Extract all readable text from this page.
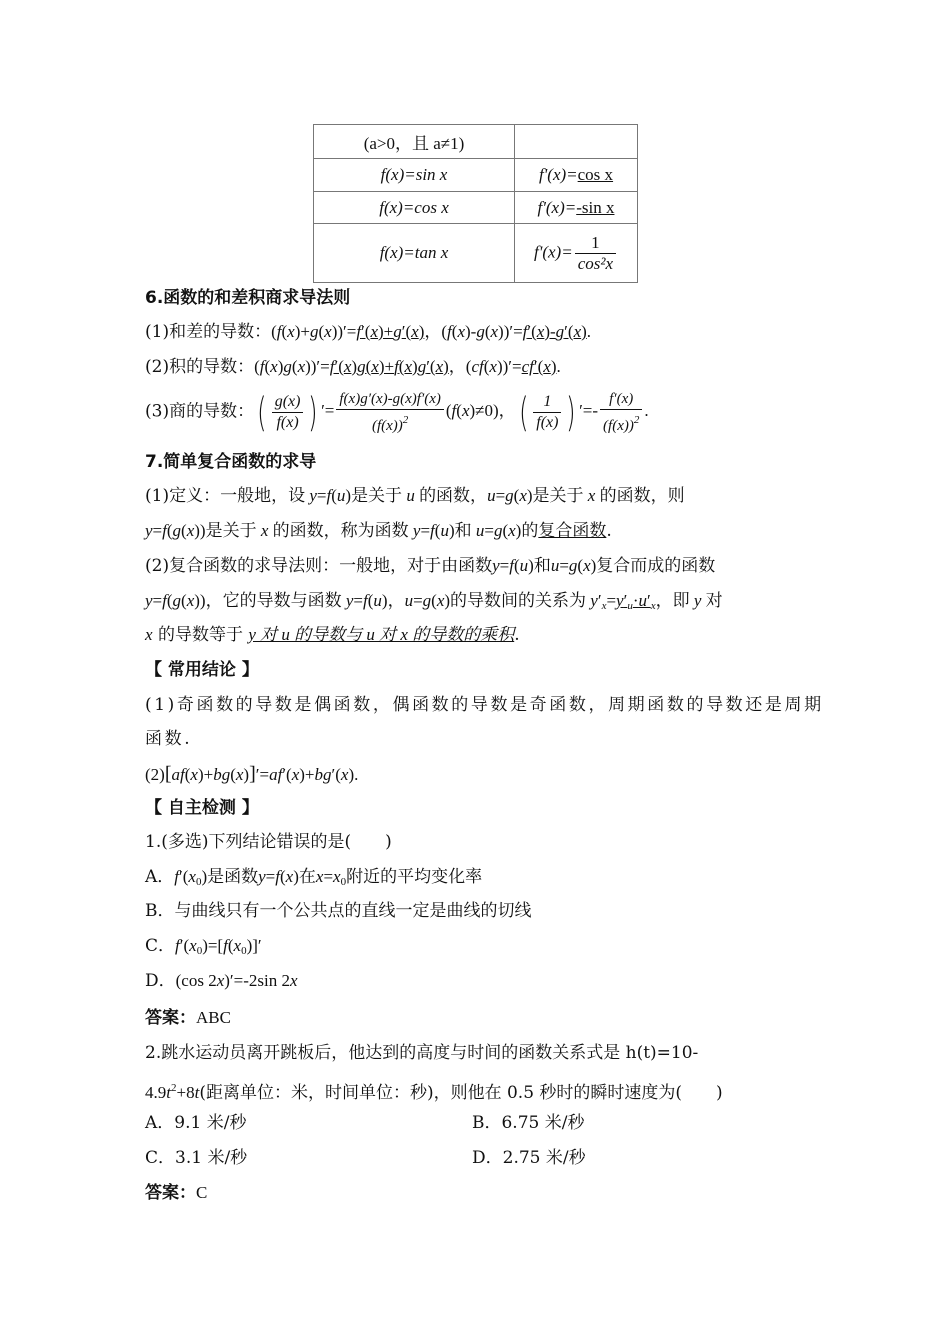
(a>0，且 a≠1)	
f(x)=sin x	f'(x)=cos x
f(x)=cos x	f'(x)=-sin x
f(x)=tan x	$f'(x)= \frac{1}{\text{cos²x}}$
6.函数的和差积商求导法则
(1)和差的导数：(f(x)+g(x))′=f′(x)+g′(x)，(f(x)-g(x))′=f′(x)-g′(x).
(2)积的导数：(f(x)g(x))′=f′(x)g(x)+f(x)g′(x)，(cf(x))′=cf′(x).
(3)商的导数：( $\frac{g(x)}{f(x)}$ ) ′= $\frac{f(x)g'(x)-g(x)f'(x)}{(f(x))^2} (f(x)\ne 0)$，( $\frac{1}{f(x)}$ ) ′=- $\frac{f'(x)}{(f(x))^2}$ .
7.简单复合函数的求导
(1)定义：一般地，设 y=f(u)是关于 u 的函数，u=g(x)是关于 x 的函数，则
y=f(g(x))是关于 x 的函数，称为函数 y=f(u)和 u=g(x)的复合函数.
(2)复合函数的求导法则：一般地，对于由函数y=f(u)和u=g(x)复合而成的函数
y=f(g(x))，它的导数与函数 y=f(u)，u=g(x)的导数间的关系为 $y'_x=y'_u\cdot u'_x$，即 y 对
x 的导数等于 y 对 u 的导数与 u 对 x 的导数的乘积.
【 常用结论 】
(1)奇函数的导数是偶函数，偶函数的导数是奇函数，周期函数的导数还是周期
函数.
(2)[af(x)+bg(x)]′=af′(x)+bg′(x).
【 自主检测 】
1.(多选)下列结论错误的是(　　)
A．$f'(x_0)$是函数y=f(x)在$x=x_0$附近的平均变化率
B．与曲线只有一个公共点的直线一定是曲线的切线
C．$f'(x_0)=[f(x_0)]'$
D．(cos 2x)′=-2sin 2x
答案：ABC
2.跳水运动员离开跳板后，他达到的高度与时间的函数关系式是 h(t)=10-
$4.9t^2+8t$(距离单位：米，时间单位：秒)，则他在 0.5 秒时的瞬时速度为(　　)
A．9.1 米/秒	B．6.75 米/秒
C．3.1 米/秒	D．2.75 米/秒
答案：C
